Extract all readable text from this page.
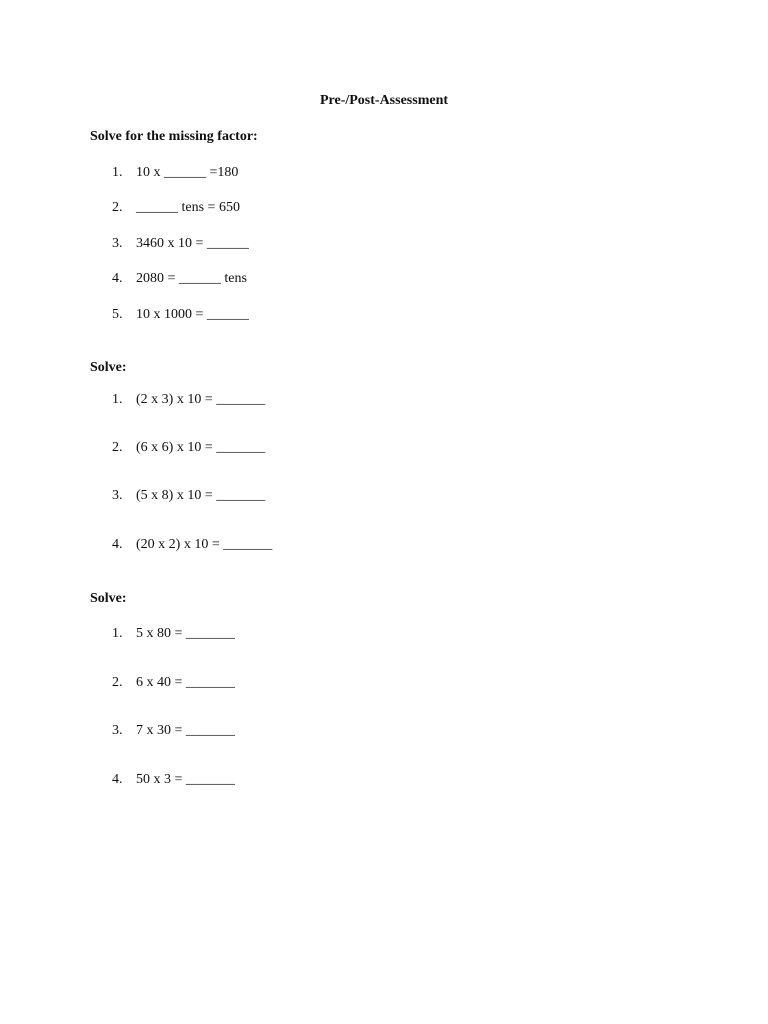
Pre-/Post-Assessment
Solve for the missing factor:
1. 10 x ______ =180
2. ______ tens = 650
3. 3460 x 10 = ______
4. 2080 = ______ tens
5. 10 x 1000 = ______
Solve:
1. (2 x 3) x 10 = _______
2. (6 x 6) x 10 = _______
3. (5 x 8) x 10 = _______
4. (20 x 2) x 10 = _______
Solve:
1. 5 x 80 = _______
2. 6 x 40 = _______
3. 7 x 30 = _______
4. 50 x 3 = _______
